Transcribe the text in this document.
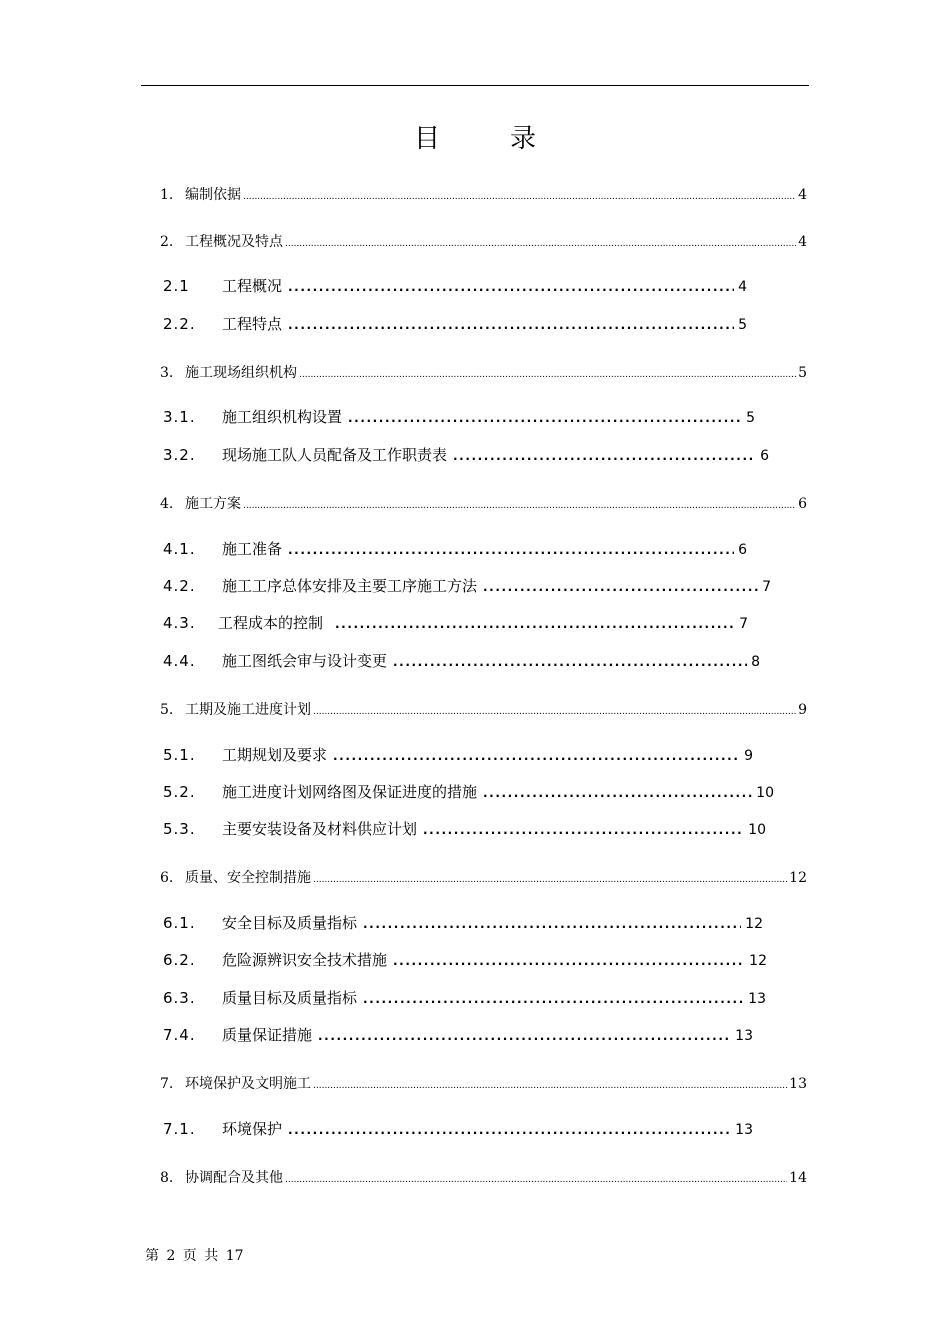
目	录
1. 编制依据 .....	4
2. 工程概况及特点 .....	4
2.1 工程概况 .....	4
2.2. 工程特点 .....	5
3. 施工现场组织机构 .....	5
3.1. 施工组织机构设置 .....	5
3.2. 现场施工队人员配备及工作职责表 .....	6
4. 施工方案 .....	6
4.1. 施工准备 .....	6
4.2. 施工工序总体安排及主要工序施工方法 .....	7
4.3. 工程成本的控制 .....	7
4.4. 施工图纸会审与设计变更 .....	8
5. 工期及施工进度计划 .....	9
5.1. 工期规划及要求 .....	9
5.2. 施工进度计划网络图及保证进度的措施 .....	10
5.3. 主要安装设备及材料供应计划 .....	10
6. 质量、安全控制措施 .....	12
6.1. 安全目标及质量指标 .....	12
6.2. 危险源辨识安全技术措施 .....	12
6.3. 质量目标及质量指标 .....	13
7.4. 质量保证措施 .....	13
7. 环境保护及文明施工 .....	13
7.1. 环境保护 .....	13
8. 协调配合及其他 .....	14
第 2 页 共 17
